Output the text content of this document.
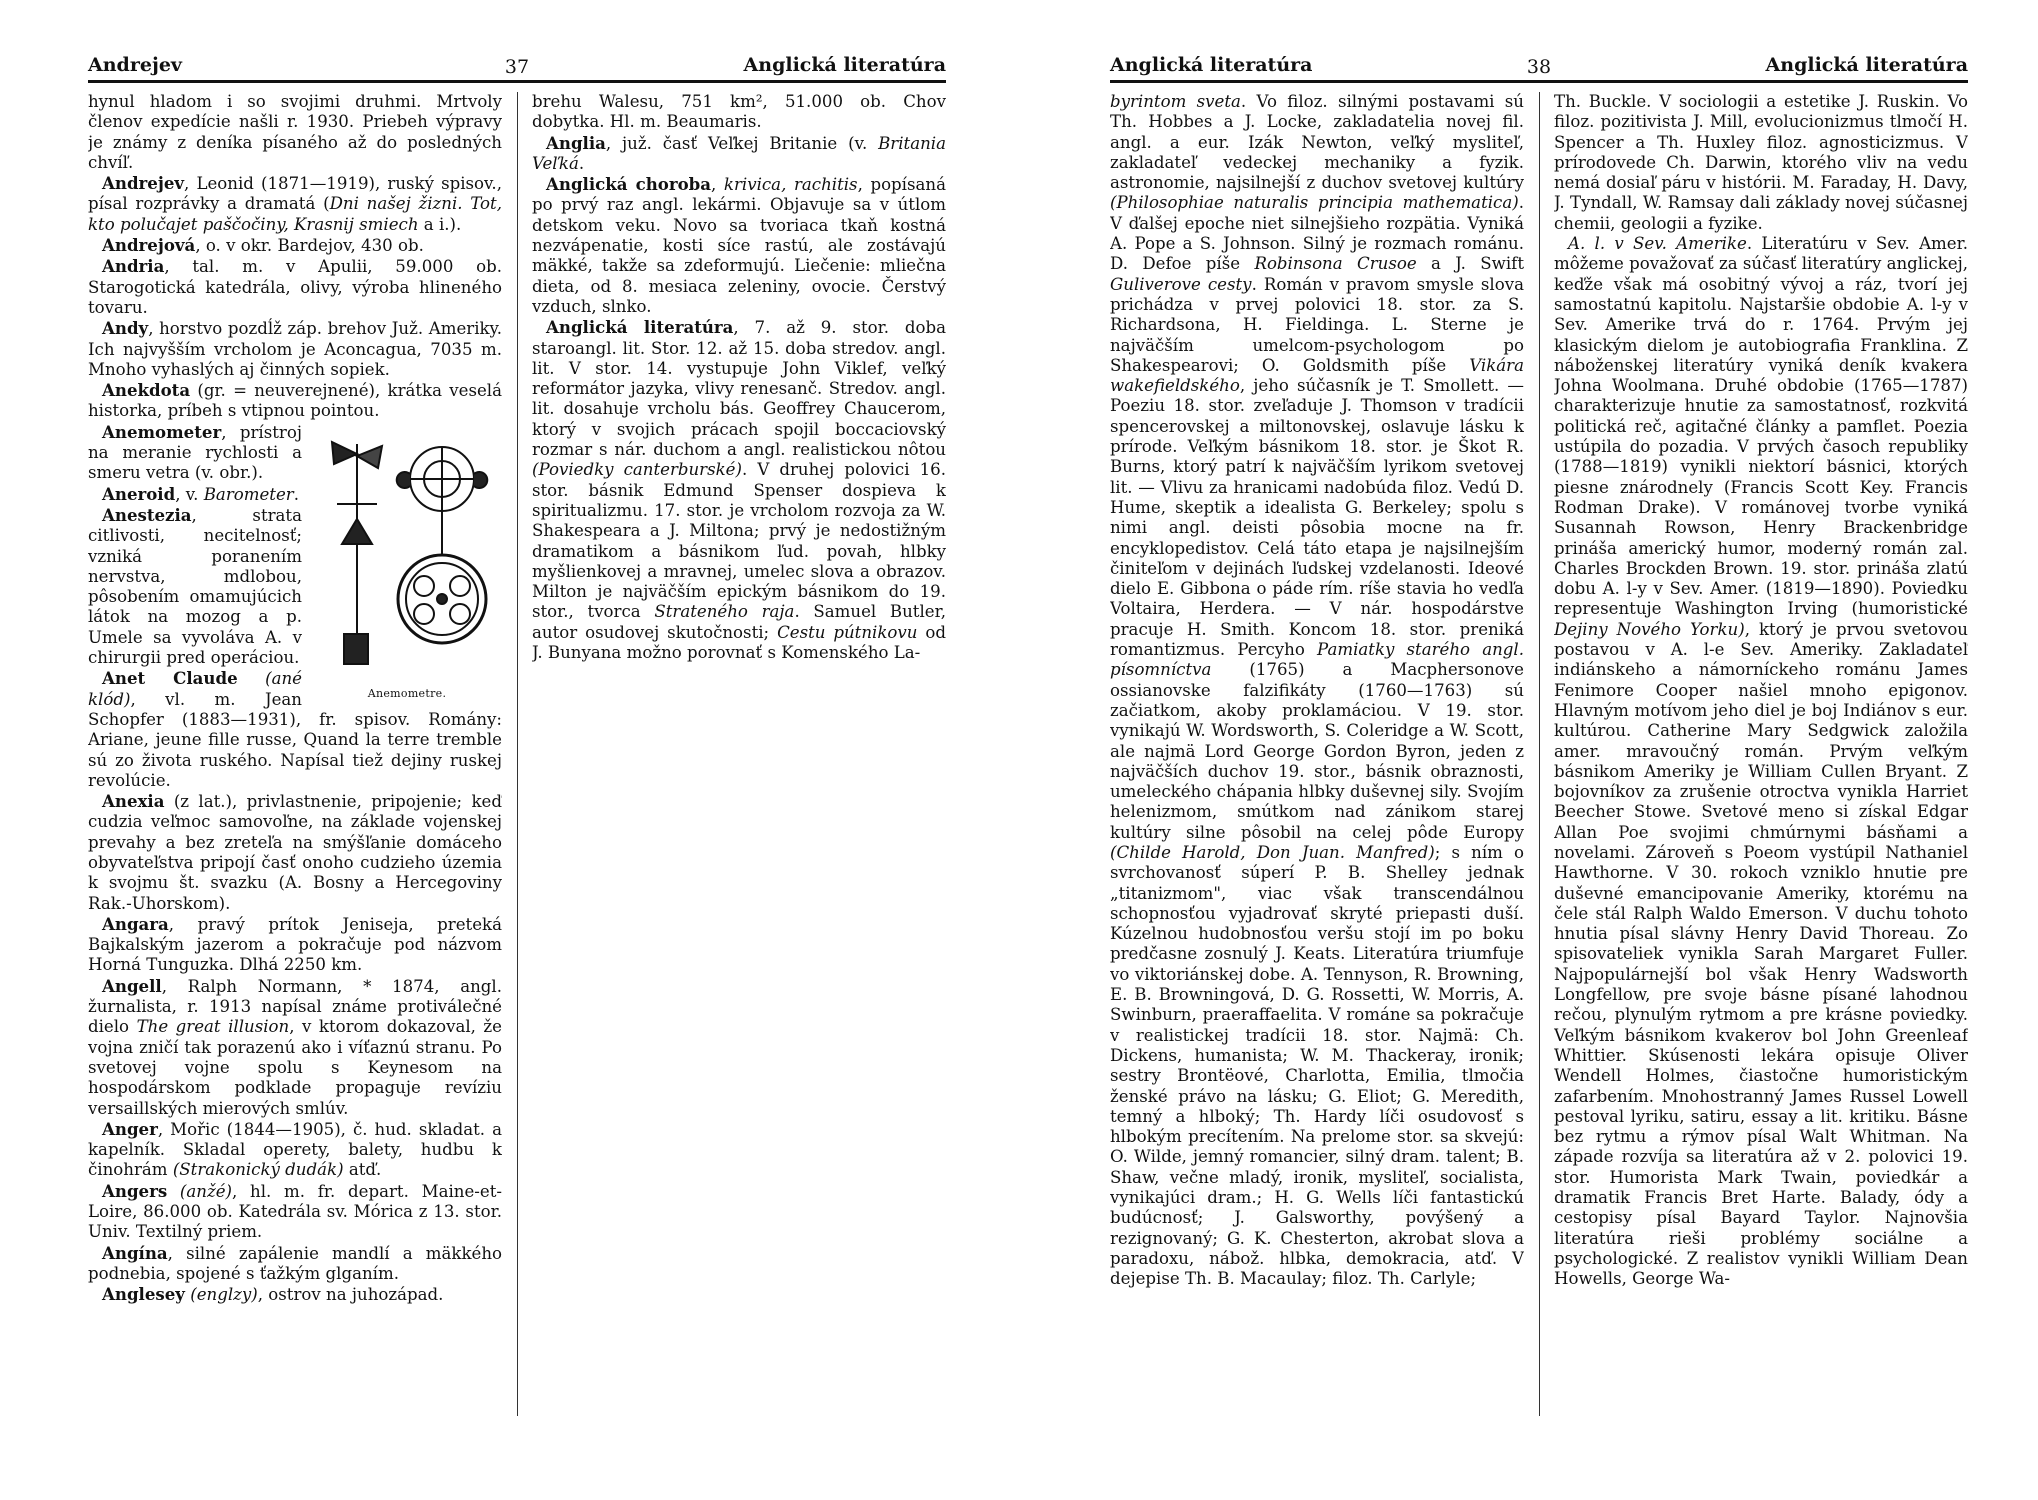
Andrejev	37	Anglická literatúra

hynul hladom i so svojimi druhmi. Mrtvoly členov expedície našli r. 1930. Priebeh výpravy je známy z deníka písaného až do posledných chvíľ.

Andrejev, Leonid (1871—1919), ruský spisov., písal rozprávky a dramatá (Dni našej žizni. Tot, kto polučajet paščočiny, Krasnij smiech a i.).

Andrejová, o. v okr. Bardejov, 430 ob.

Andria, tal. m. v Apulii, 59.000 ob. Starogotická katedrála, olivy, výroba hlineného tovaru.

Andy, horstvo pozdĺž záp. brehov Juž. Ameriky. Ich najvyšším vrcholom je Aconcagua, 7035 m. Mnoho vyhaslých aj činných sopiek.

Anekdota (gr. = neuverejnené), krátka veselá historka, príbeh s vtipnou pointou.

Anemometre.

Anemometer, prístroj na meranie rychlosti a smeru vetra (v. obr.).

Aneroid, v. Barometer.

Anestezia, strata citlivosti, necitelnosť; vzniká poranením nervstva, mdlobou, pôsobením omamujúcich látok na mozog a p. Umele sa vyvoláva A. v chirurgii pred operáciou.

Anet Claude (ané klód), vl. m. Jean Schopfer (1883—1931), fr. spisov. Romány: Ariane, jeune fille russe, Quand la terre tremble sú zo života ruského. Napísal tiež dejiny ruskej revolúcie.

Anexia (z lat.), privlastnenie, pripojenie; keď cudzia veľmoc samovoľne, na základe vojenskej prevahy a bez zreteľa na smýšľanie domáceho obyvateľstva pripojí časť onoho cudzieho územia k svojmu št. svazku (A. Bosny a Hercegoviny Rak.-Uhorskom).

Angara, pravý prítok Jeniseja, preteká Bajkalským jazerom a pokračuje pod názvom Horná Tunguzka. Dlhá 2250 km.

Angell, Ralph Normann, * 1874, angl. žurnalista, r. 1913 napísal známe protiválečné dielo The great illusion, v ktorom dokazoval, že vojna zničí tak porazenú ako i víťaznú stranu. Po svetovej vojne spolu s Keynesom na hospodárskom podklade propaguje revíziu versaillských mierových smlúv.

Anger, Mořic (1844—1905), č. hud. skladat. a kapelník. Skladal operety, balety, hudbu k činohrám (Strakonický dudák) atď.

Angers (anžé), hl. m. fr. depart. Maine-et-Loire, 86.000 ob. Katedrála sv. Mórica z 13. stor. Univ. Textilný priem.

Angína, silné zapálenie mandlí a mäkkého podnebia, spojené s ťažkým glganím.

Anglesey (englzy), ostrov na juhozápad.

brehu Walesu, 751 km², 51.000 ob. Chov dobytka. Hl. m. Beaumaris.

Anglia, juž. časť Veľkej Britanie (v. Britania Veľká.

Anglická choroba, krivica, rachitis, popísaná po prvý raz angl. lekármi. Objavuje sa v útlom detskom veku. Novo sa tvoriaca tkaň kostná nezvápenatie, kosti síce rastú, ale zostávajú mäkké, takže sa zdeformujú. Liečenie: mliečna dieta, od 8. mesiaca zeleniny, ovocie. Čerstvý vzduch, slnko.

Anglická literatúra, 7. až 9. stor. doba staroangl. lit. Stor. 12. až 15. doba stredov. angl. lit. V stor. 14. vystupuje John Viklef, veľký reformátor jazyka, vlivy renesanč. Stredov. angl. lit. dosahuje vrcholu bás. Geoffrey Chaucerom, ktorý v svojich prácach spojil boccaciovský rozmar s nár. duchom a angl. realistickou nôtou (Poviedky canterburské). V druhej polovici 16. stor. básnik Edmund Spenser dospieva k spiritualizmu. 17. stor. je vrcholom rozvoja za W. Shakespeara a J. Miltona; prvý je nedostižným dramatikom a básnikom ľud. povah, hlbky myšlienkovej a mravnej, umelec slova a obrazov. Milton je najväčším epickým básnikom do 19. stor., tvorca Strateného raja. Samuel Butler, autor osudovej skutočnosti; Cestu pútnikovu od J. Bunyana možno porovnať s Komenského La-

Anglická literatúra	38	Anglická literatúra

byrintom sveta. Vo filoz. silnými postavami sú Th. Hobbes a J. Locke, zakladatelia novej fil. angl. a eur. Izák Newton, veľký mysliteľ, zakladateľ vedeckej mechaniky a fyzik. astronomie, najsilnejší z duchov svetovej kultúry (Philosophiae naturalis principia mathematica). V ďalšej epoche niet silnejšieho rozpätia. Vyniká A. Pope a S. Johnson. Silný je rozmach románu. D. Defoe píše Robinsona Crusoe a J. Swift Guliverove cesty. Román v pravom smysle slova prichádza v prvej polovici 18. stor. za S. Richardsona, H. Fieldinga. L. Sterne je najväčším umelcom-psychologom po Shakespearovi; O. Goldsmith píše Vikára wakefieldského, jeho súčasník je T. Smollett. — Poeziu 18. stor. zveľaduje J. Thomson v tradícii spencerovskej a miltonovskej, oslavuje lásku k prírode. Veľkým básnikom 18. stor. je Škot R. Burns, ktorý patrí k najväčším lyrikom svetovej lit. — Vlivu za hranicami nadobúda filoz. Vedú D. Hume, skeptik a idealista G. Berkeley; spolu s nimi angl. deisti pôsobia mocne na fr. encyklopedistov. Celá táto etapa je najsilnejším činiteľom v dejinách ľudskej vzdelanosti. Ideové dielo E. Gibbona o páde rím. ríše stavia ho vedľa Voltaira, Herdera. — V nár. hospodárstve pracuje H. Smith. Koncom 18. stor. preniká romantizmus. Percyho Pamiatky starého angl. písomníctva (1765) a Macphersonove ossianovske falzifikáty (1760—1763) sú začiatkom, akoby proklamáciou. V 19. stor. vynikajú W. Wordsworth, S. Coleridge a W. Scott, ale najmä Lord George Gordon Byron, jeden z najväčších duchov 19. stor., básnik obraznosti, umeleckého chápania hlbky duševnej sily. Svojím helenizmom, smútkom nad zánikom starej kultúry silne pôsobil na celej pôde Europy (Childe Harold, Don Juan. Manfred); s ním o svrchovanosť súperí P. B. Shelley jednak „titanizmom", viac však transcendálnou schopnosťou vyjadrovať skryté priepasti duší. Kúzelnou hudobnosťou veršu stojí im po boku predčasne zosnulý J. Keats. Literatúra triumfuje vo viktoriánskej dobe. A. Tennyson, R. Browning, E. B. Browningová, D. G. Rossetti, W. Morris, A. Swinburn, praeraffaelita. V románe sa pokračuje v realistickej tradícii 18. stor. Najmä: Ch. Dickens, humanista; W. M. Thackeray, ironik; sestry Brontëové, Charlotta, Emilia, tlmočia ženské právo na lásku; G. Eliot; G. Meredith, temný a hlboký; Th. Hardy líči osudovosť s hlbokým precítením. Na prelome stor. sa skvejú: O. Wilde, jemný romancier, silný dram. talent; B. Shaw, večne mladý, ironik, mysliteľ, socialista, vynikajúci dram.; H. G. Wells líči fantastickú budúcnosť; J. Galsworthy, povýšený a rezignovaný; G. K. Chesterton, akrobat slova a paradoxu, nábož. hlbka, demokracia, atď. V dejepise Th. B. Macaulay; filoz. Th. Carlyle;

Th. Buckle. V sociologii a estetike J. Ruskin. Vo filoz. pozitivista J. Mill, evolucionizmus tlmočí H. Spencer a Th. Huxley filoz. agnosticizmus. V prírodovede Ch. Darwin, ktorého vliv na vedu nemá dosiaľ páru v histórii. M. Faraday, H. Davy, J. Tyndall, W. Ramsay dali základy novej súčasnej chemii, geologii a fyzike.

A. l. v Sev. Amerike. Literatúru v Sev. Amer. môžeme považovať za súčasť literatúry anglickej, keďže však má osobitný vývoj a ráz, tvorí jej samostatnú kapitolu. Najstaršie obdobie A. l-y v Sev. Amerike trvá do r. 1764. Prvým jej klasickým dielom je autobiografia Franklina. Z náboženskej literatúry vyniká deník kvakera Johna Woolmana. Druhé obdobie (1765—1787) charakterizuje hnutie za samostatnosť, rozkvitá politická reč, agitačné články a pamflet. Poezia ustúpila do pozadia. V prvých časoch republiky (1788—1819) vynikli niektorí básnici, ktorých piesne znárodnely (Francis Scott Key. Francis Rodman Drake). V románovej tvorbe vyniká Susannah Rowson, Henry Brackenbridge prináša americký humor, moderný román zal. Charles Brockden Brown. 19. stor. prináša zlatú dobu A. l-y v Sev. Amer. (1819—1890). Poviedku representuje Washington Irving (humoristické Dejiny Nového Yorku), ktorý je prvou svetovou postavou v A. l-e Sev. Ameriky. Zakladateľ indiánskeho a námorníckeho románu James Fenimore Cooper našiel mnoho epigonov. Hlavným motívom jeho diel je boj Indiánov s eur. kultúrou. Catherine Mary Sedgwick založila amer. mravoučný román. Prvým veľkým básnikom Ameriky je William Cullen Bryant. Z bojovníkov za zrušenie otroctva vynikla Harriet Beecher Stowe. Svetové meno si získal Edgar Allan Poe svojimi chmúrnymi básňami a novelami. Zároveň s Poeom vystúpil Nathaniel Hawthorne. V 30. rokoch vzniklo hnutie pre duševné emancipovanie Ameriky, ktorému na čele stál Ralph Waldo Emerson. V duchu tohoto hnutia písal slávny Henry David Thoreau. Zo spisovateliek vynikla Sarah Margaret Fuller. Najpopulárnejší bol však Henry Wadsworth Longfellow, pre svoje básne písané lahodnou rečou, plynulým rytmom a pre krásne poviedky. Veľkým básnikom kvakerov bol John Greenleaf Whittier. Skúsenosti lekára opisuje Oliver Wendell Holmes, čiastočne humoristickým zafarbením. Mnohostranný James Russel Lowell pestoval lyriku, satiru, essay a lit. kritiku. Básne bez rytmu a rýmov písal Walt Whitman. Na západe rozvíja sa literatúra až v 2. polovici 19. stor. Humorista Mark Twain, poviedkár a dramatik Francis Bret Harte. Balady, ódy a cestopisy písal Bayard Taylor. Najnovšia literatúra rieši problémy sociálne a psychologické. Z realistov vynikli William Dean Howells, George Wa-
